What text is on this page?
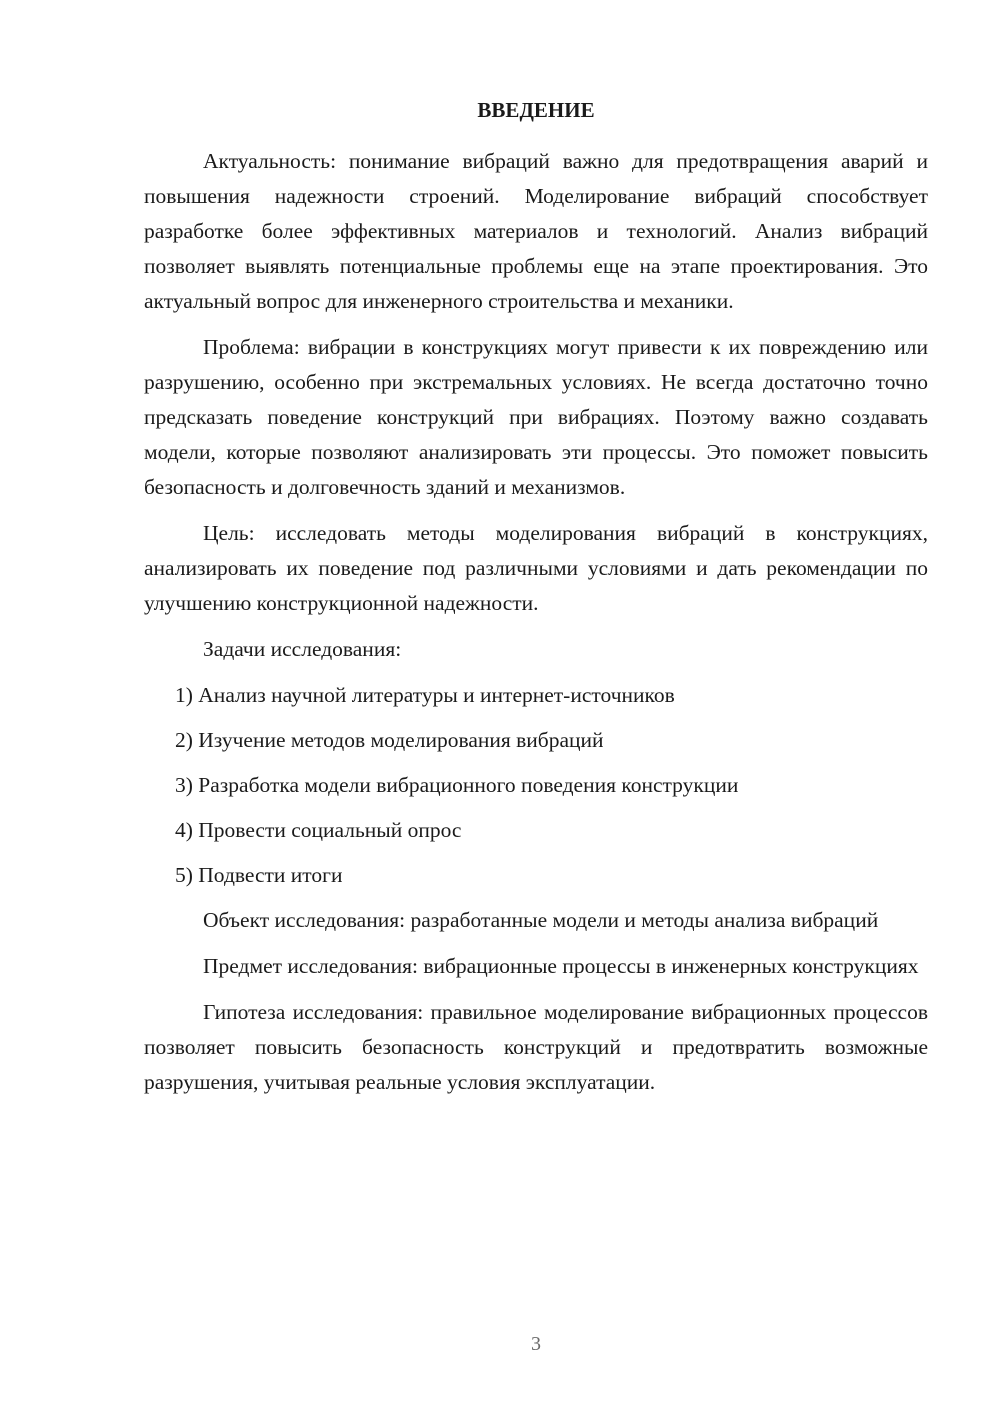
ВВЕДЕНИЕ

Актуальность: понимание вибраций важно для предотвращения аварий и повышения надежности строений. Моделирование вибраций способствует разработке более эффективных материалов и технологий. Анализ вибраций позволяет выявлять потенциальные проблемы еще на этапе проектирования. Это актуальный вопрос для инженерного строительства и механики.

Проблема: вибрации в конструкциях могут привести к их повреждению или разрушению, особенно при экстремальных условиях. Не всегда достаточно точно предсказать поведение конструкций при вибрациях. Поэтому важно создавать модели, которые позволяют анализировать эти процессы. Это поможет повысить безопасность и долговечность зданий и механизмов.

Цель: исследовать методы моделирования вибраций в конструкциях, анализировать их поведение под различными условиями и дать рекомендации по улучшению конструкционной надежности.

Задачи исследования:

1) Анализ научной литературы и интернет-источников
2) Изучение методов моделирования вибраций
3) Разработка модели вибрационного поведения конструкции
4) Провести социальный опрос
5) Подвести итоги

Объект исследования: разработанные модели и методы анализа вибраций

Предмет исследования: вибрационные процессы в инженерных конструкциях

Гипотеза исследования: правильное моделирование вибрационных процессов позволяет повысить безопасность конструкций и предотвратить возможные разрушения, учитывая реальные условия эксплуатации.

3
